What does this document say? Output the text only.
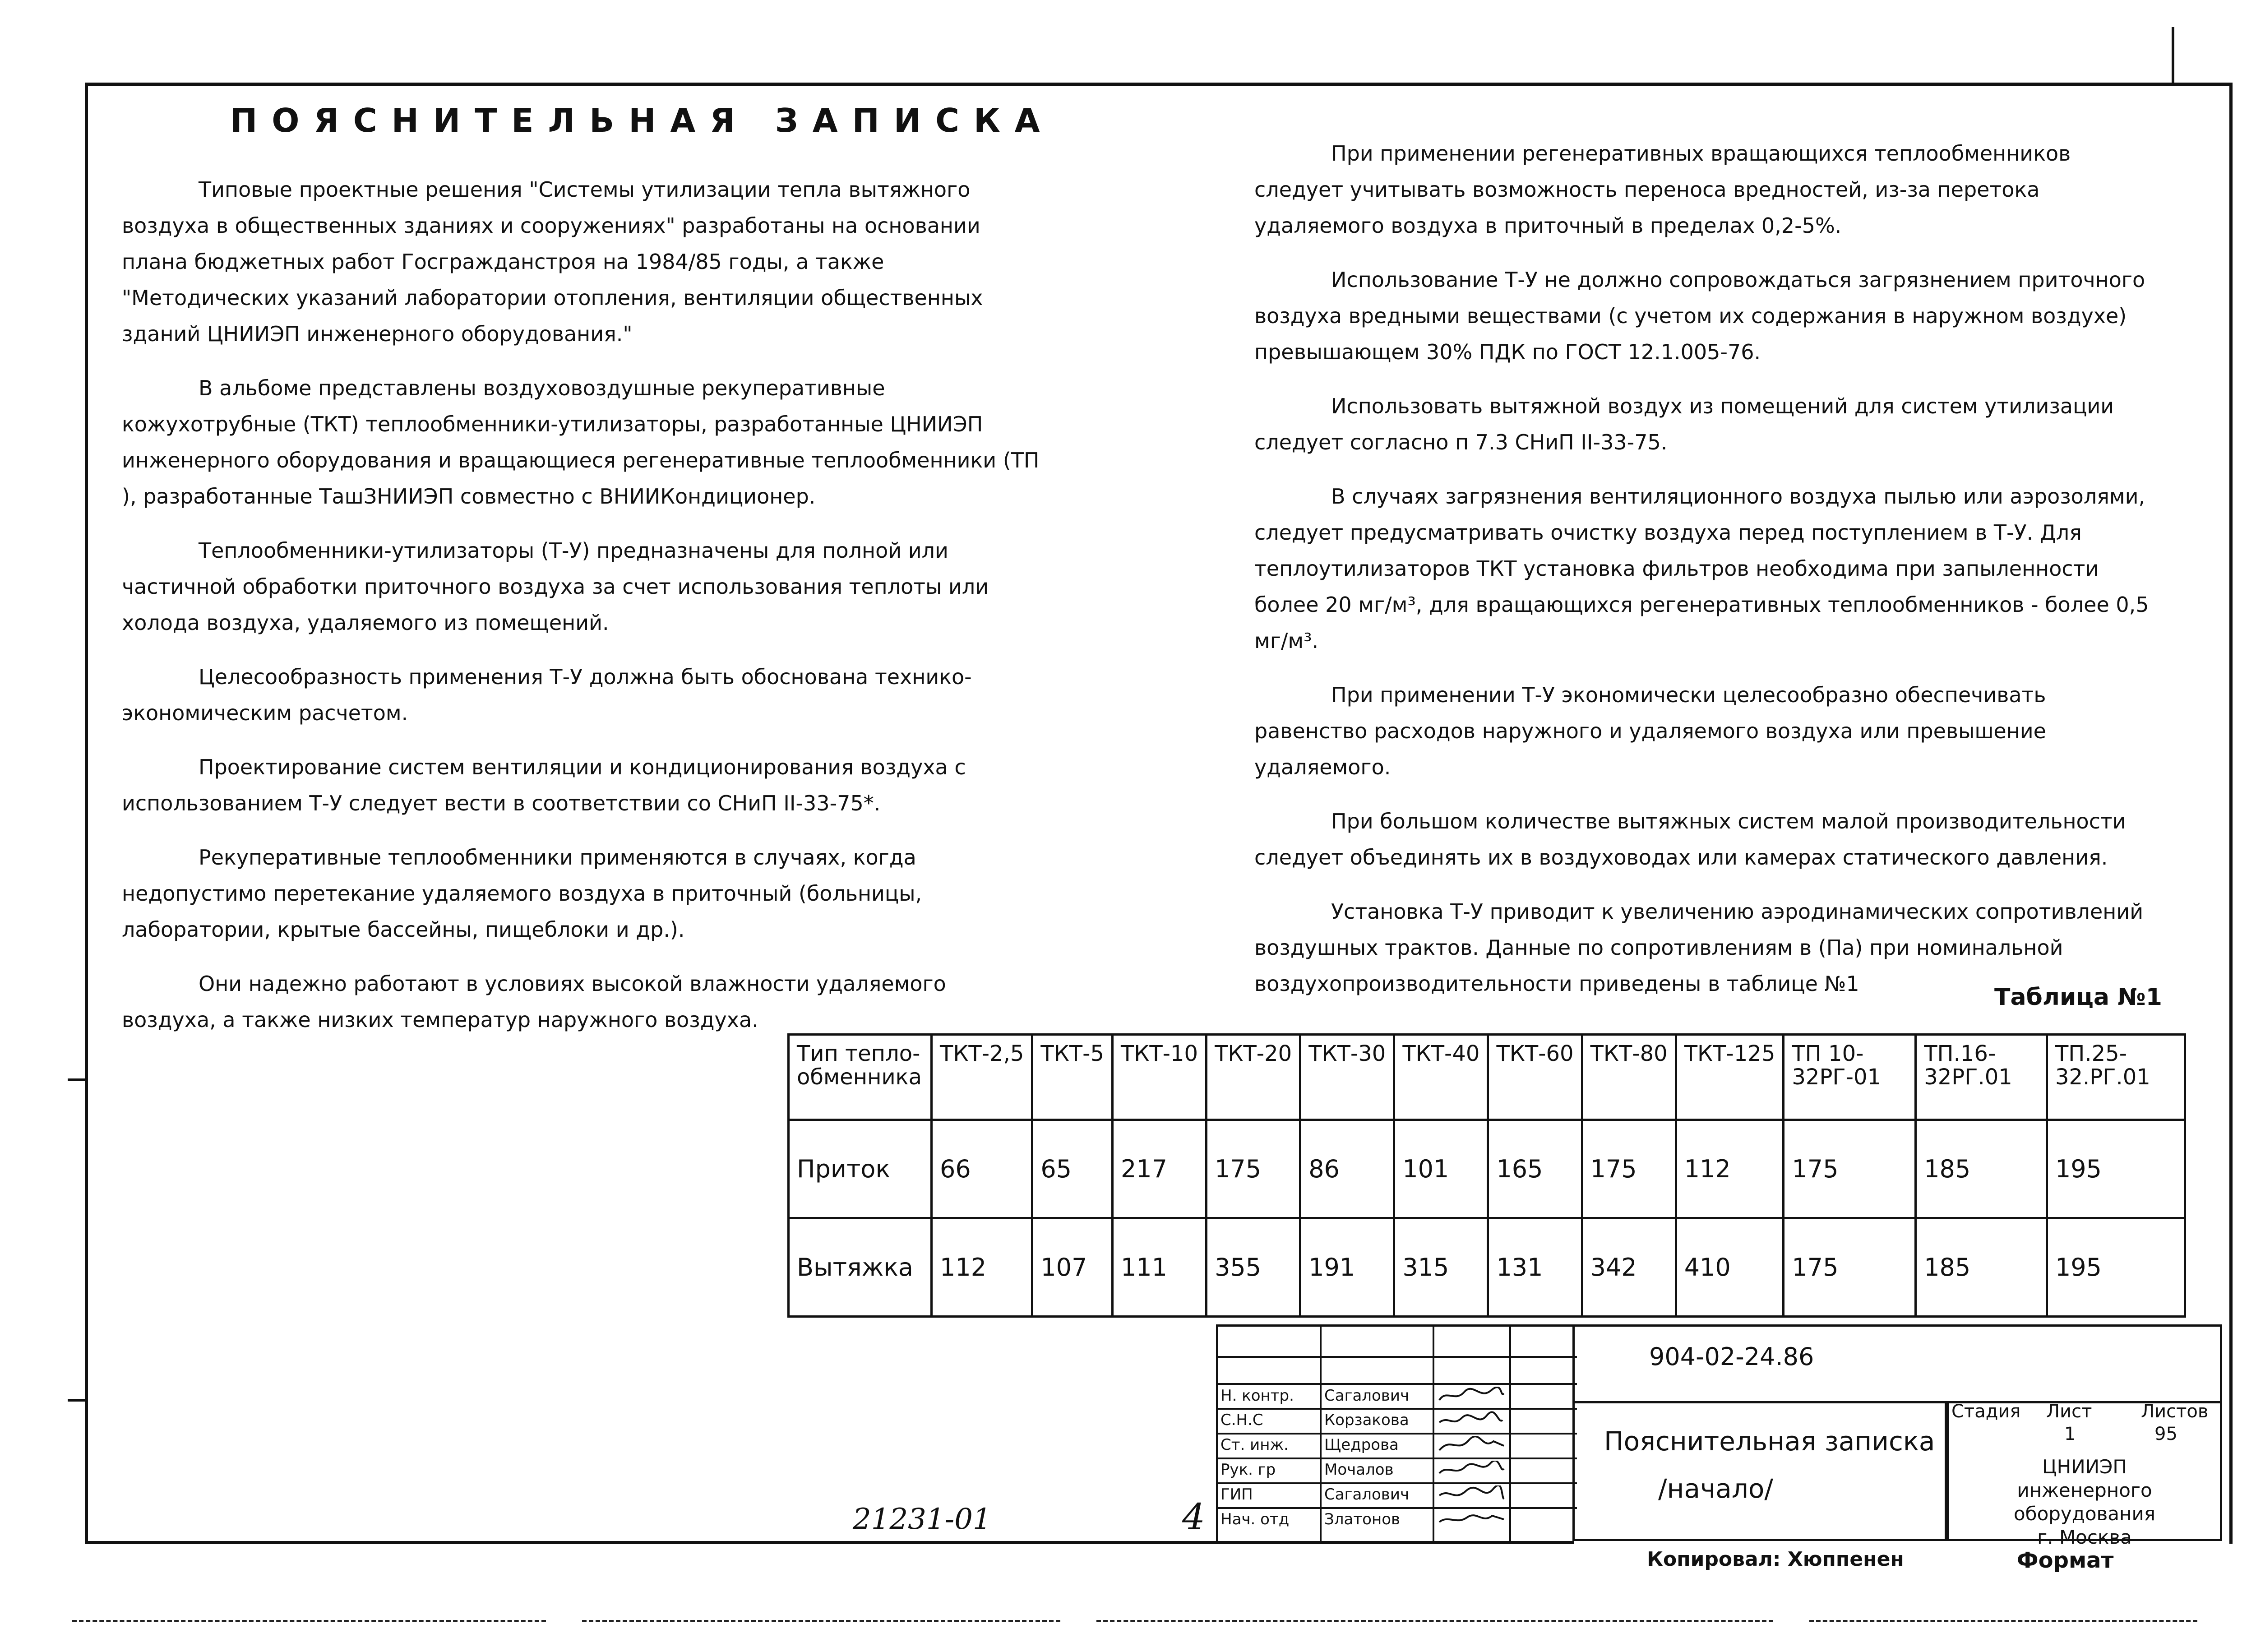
ПОЯСНИТЕЛЬНАЯ ЗАПИСКА

Типовые проектные решения "Системы утилизации тепла вытяжного воздуха в общественных зданиях и сооружениях" разработаны на основании плана бюджетных работ Госгражданстроя на 1984/85 годы, а также "Методических указаний лаборатории отопления, вентиляции общественных зданий ЦНИИЭП инженерного оборудования."

В альбоме представлены воздуховоздушные рекуперативные кожухотрубные (ТКТ) теплообменники-утилизаторы, разработанные ЦНИИЭП инженерного оборудования и вращающиеся регенеративные теплообменники (ТП ), разработанные ТашЗНИИЭП совместно с ВНИИКондиционер.

Теплообменники-утилизаторы (Т-У) предназначены для полной или частичной обработки приточного воздуха за счет использования теплоты или холода воздуха, удаляемого из помещений.

Целесообразность применения Т-У должна быть обоснована технико-экономическим расчетом.

Проектирование систем вентиляции и кондиционирования воздуха с использованием Т-У следует вести в соответствии со СНиП II-33-75*.

Рекуперативные теплообменники применяются в случаях, когда недопустимо перетекание удаляемого воздуха в приточный (больницы, лаборатории, крытые бассейны, пищеблоки и др.).

Они надежно работают в условиях высокой влажности удаляемого воздуха, а также низких температур наружного воздуха.

При применении регенеративных вращающихся теплообменников следует учитывать возможность переноса вредностей, из-за перетока удаляемого воздуха в приточный в пределах 0,2-5%.

Использование Т-У не должно сопровождаться загрязнением приточного воздуха вредными веществами (с учетом их содержания в наружном воздухе) превышающем 30% ПДК по ГОСТ 12.1.005-76.

Использовать вытяжной воздух из помещений для систем утилизации следует согласно п 7.3 СНиП II-33-75.

В случаях загрязнения вентиляционного воздуха пылью или аэрозолями, следует предусматривать очистку воздуха перед поступлением в Т-У. Для теплоутилизаторов ТКТ установка фильтров необходима при запыленности более 20 мг/м³, для вращающихся регенеративных теплообменников - более 0,5 мг/м³.

При применении Т-У экономически целесообразно обеспечивать равенство расходов наружного и удаляемого воздуха или превышение удаляемого.

При большом количестве вытяжных систем малой производительности следует объединять их в воздуховодах или камерах статического давления.

Установка Т-У приводит к увеличению аэродинамических сопротивлений воздушных трактов. Данные по сопротивлениям в (Па) при номинальной воздухопроизводительности приведены в таблице №1	Таблица №1
Тип тепло-обменника	ТКТ-2,5	ТКТ-5	ТКТ-10	ТКТ-20	ТКТ-30	ТКТ-40	ТКТ-60	ТКТ-80	ТКТ-125	ТП 10-32РГ-01	ТП.16-32РГ.01	ТП.25-32.РГ.01
Приток	66	65	217	175	86	101	165	175	112	175	185	195
Вытяжка	112	107	111	355	191	315	131	342	410	175	185	195
Н. контр. Сагалович
С.Н.С	Корзакова
Ст. инж. Щедрова
Рук. гр	Мочалов
ГИП	Сагалович
Нач. отд Златонов
904-02-24.86
Пояснительная записка
/начало/
Стадия Лист	Листов
1	95
ЦНИИЭП
инженерного оборудования
г. Москва
21231-01	4
Копировал: Хюппенен	Формат
